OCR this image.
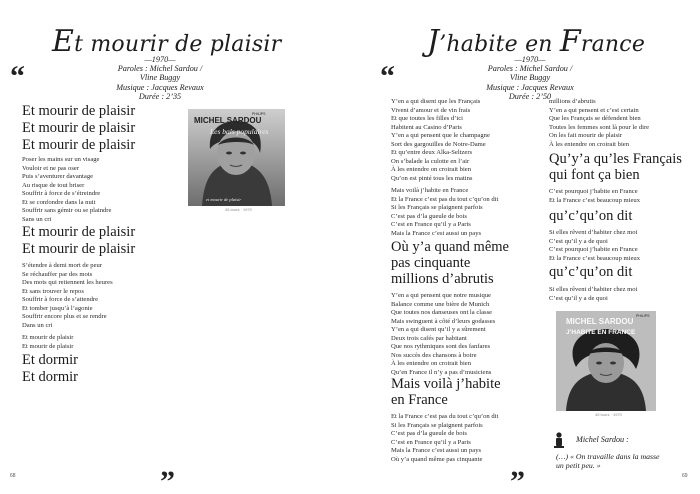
Et mourir de plaisir
—1970—
Paroles : Michel Sardou / Vline Buggy
Musique : Jacques Revaux
Durée : 2’35
“
Et mourir de plaisir
Et mourir de plaisir
Et mourir de plaisir
Poser les mains sur un visage
Vouloir et ne pas oser
Puis s’aventurer davantage
Au risque de tout briser
Souffrir à force de s’étreindre
Et se confondre dans la nuit
Souffrir sans gémir ou se plaindre
Sans un cri
Et mourir de plaisir
Et mourir de plaisir
S’étendre à demi mort de peur
Se réchauffer par des mots
Des mots qui retiennent les heures
Et sans trouver le repos
Souffrir à force de s’attendre
Et tomber jusqu’à l’agonie
Souffrir encore plus et se rendre
Dans un cri
Et mourir de plaisir
Et mourir de plaisir
Et dormir
Et dormir
MICHEL SARDOU
Les bals populaires
PHILIPS
et mourir de plaisir
45 tours · 1970
”
68
J’habite en France
—1970—
Paroles : Michel Sardou / Vline Buggy
Musique : Jacques Revaux
Durée : 2’50
“
Y’en a qui disent que les Français
Vivent d’amour et de vin frais
Et que toutes les filles d’ici
Habitent au Casino d’Paris
Y’en a qui pensent que le champagne
Sort des gargouilles de Notre-Dame
Et qu’entre deux Alka-Seltzers
On s’balade la culotte en l’air
À les entendre on croirait bien
Qu’on est pinté tous les matins
Mais voilà j’habite en France
Et la France c’est pas du tout c’qu’on dit
Si les Français se plaignent parfois
C’est pas d’la gueule de bois
C’est en France qu’il y a Paris
Mais la France c’est aussi un pays
Où y’a quand même
pas cinquante
millions d’abrutis
Y’en a qui pensent que notre musique
Balance comme une bière de Munich
Que toutes nos danseuses ont la classe
Mais swinguent à côté d’leurs godasses
Y’en a qui disent qu’il y a sûrement
Deux trois cafés par habitant
Que nos rythmiques sont des fanfares
Nos succès des chansons à boire
À les entendre on croirait bien
Qu’en France il n’y a pas d’musiciens
Mais voilà j’habite
en France
Et la France c’est pas du tout c’qu’on dit
Si les Français se plaignent parfois
C’est pas d’la gueule de bois
C’est en France qu’il y a Paris
Mais la France c’est aussi un pays
Où y’a quand même pas cinquante
millions d’abrutis
Y’en a qui pensent et c’est certain
Que les Français se défendent bien
Toutes les femmes sont là pour le dire
On les fait mourir de plaisir
À les entendre on croirait bien
Qu’y’a qu’les Français
qui font ça bien
C’est pourquoi j’habite en France
Et la France c’est beaucoup mieux
qu’c’qu’on dit
Si elles rêvent d’habiter chez moi
C’est qu’il y a de quoi
C’est pourquoi j’habite en France
Et la France c’est beaucoup mieux
qu’c’qu’on dit
Si elles rêvent d’habiter chez moi
C’est qu’il y a de quoi
MICHEL SARDOU
J’HABITE EN FRANCE
PHILIPS
45 tours · 1970
Michel Sardou :
(…) « On travaille dans la masse
un petit peu. »
”	69
